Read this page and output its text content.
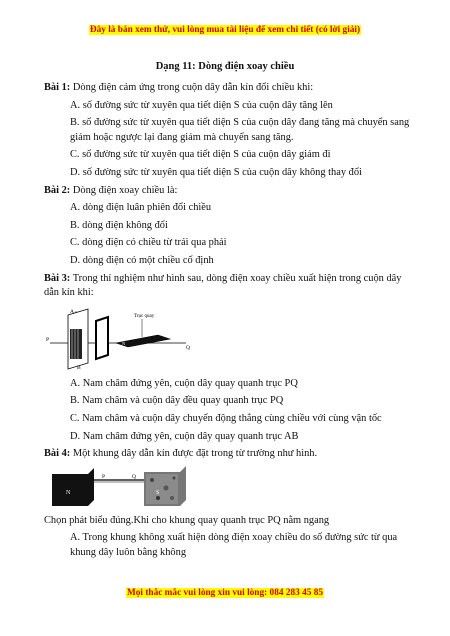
Đây là bản xem thử, vui lòng mua tài liệu để xem chi tiết (có lời giải)
Dạng 11: Dòng điện xoay chiều
Bài 1: Dòng điện cảm ứng trong cuộn dây dẫn kín đổi chiều khi:
A. số đường sức từ xuyên qua tiết diện S của cuộn dây tăng lên
B. số đường sức từ xuyên qua tiết diện S của cuộn dây đang tăng mà chuyển sang giảm hoặc ngược lại đang giảm mà chuyển sang tăng.
C. số đường sức từ xuyên qua tiết diện S của cuộn dây giảm đi
D. số đường sức từ xuyên qua tiết diện S của cuộn dây không thay đổi
Bài 2: Dòng điện xoay chiều là:
A. dòng điện luân phiên đổi chiều
B. dòng điện không đổi
C. dòng điện có chiều từ trái qua phải
D. dòng điện có một chiều cố định
Bài 3: Trong thí nghiệm như hình sau, dòng điện xoay chiều xuất hiện trong cuộn dây dẫn kín khi:
A
B
P
Q
N
S
Trục quay
A. Nam châm đứng yên, cuộn dây quay quanh trục PQ
B. Nam châm và cuộn dây đều quay quanh trục PQ
C. Nam châm và cuộn dây chuyển động thẳng cùng chiều với cùng vận tốc
D. Nam châm đứng yên, cuộn dây quay quanh trục AB
Bài 4: Một khung dây dẫn kín được đặt trong từ trường như hình.
N
P	Q
S
Chọn phát biểu đúng.Khi cho khung quay quanh trục PQ nằm ngang
A. Trong khung không xuất hiện dòng điện xoay chiều do số đường sức từ qua khung dây luôn bằng không
Mọi thắc mắc vui lòng xin vui lòng: 084 283 45 85
